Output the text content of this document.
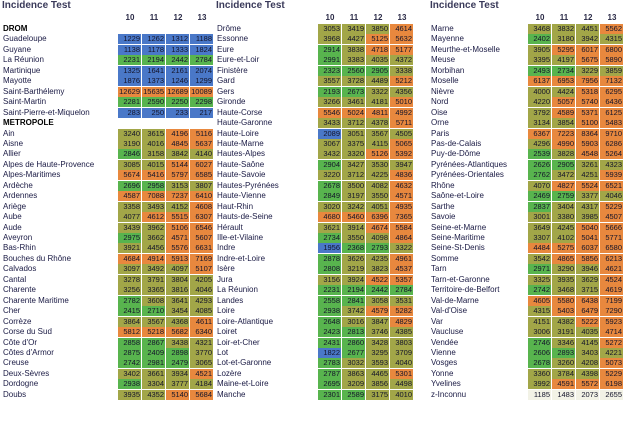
Incidence Test
10	11	12	13
DROM
Guadeloupe	1229 1262 1312	1188
Guyane	1138	1178 1333 1824
La Réunion	2231 2194 2442 2784
Martinique	1325 1641 2161 2074
Mayotte	1876 1373 1246 1299
Saint-Barthélemy	12629 15635 12689 10089
Saint-Martin	2281 2590 2250 2298
Saint-Pierre-et-Miquelon	283	250	233	217
METROPOLE
Ain	3240 3615 4196	5116
Aisne	3190 4016 4845 5637
Allier	2846 3158 3842 4140
Alpes de Haute-Provence	3085 4015 5144 6027
Alpes-Maritimes	5674 5416 5797 6585
Ardèche	2696 2958 3153 3807
Ardennes	4587 7088 7237 6410
Ariège	3358 3493 4152 4608
Aube	4077 4612 5515 6307
Aude	3439 3962 5106 6546
Aveyron	2975 3662 4571 5607
Bas-Rhin	3921 4456 5576 6631
Bouches du Rhône	4684 4914 5913 7169
Calvados	3097 3492 4097 5107
Cantal	3278 3791 3804 4205
Charente	3256 3365 3816 4046
Charente Maritime	2782 3608 3641 4293
Cher	2415 2710 3454 4085
Corrèze	3864 3567 4368	4611
Corse du Sud	5812 5218 5682 6340
Côte d'Or	2858 2867 3438 4321
Côtes d'Armor	2875 2409 2898 3770
Creuse	2742 2981 2479 3065
Deux-Sèvres	3402 3661 3934 4521
Dordogne	2938 3304 3777 4184
Doubs	3935 4352 5140 5684
Incidence Test
10	11	12	13
Drôme	3053 3419 3850 4614
Essonne	3968 4427 5125 5632
Eure	2914 3838 4718 5177
Eure-et-Loir	2991 3383 4035 4372
Finistère	2323 2560 2905 3338
Gard	3557 3728 4489 5212
Gers	2193 2673 3322 4356
Gironde	3266 3461 4181 5010
Haute-Corse	5546 5024	4811 4992
Haute-Garonne	3433 3712 4378	5711
Haute-Loire	2089 3051 3567 4505
Haute-Marne	3067 3375	4115 5065
Hautes-Alpes	3432 3320 5126 5392
Haute-Saône	2904 3427 3530 3947
Haute-Savoie	3220 3712 4225 4836
Hautes-Pyrénées	2678 3500 4082 4632
Haute-Vienne	2849 3197 3550 4571
Haut-Rhin	3020 3242 4051 4935
Hauts-de-Seine	4680 5460 6396 7365
Hérault	3621 3914 4674 5584
Ille-et-Vilaine	2734 3550 4098 4864
Indre	1956 2368 2793 3322
Indre-et-Loire	2878 3626 4235 4961
Isère	2808 3219 3823 4537
Jura	3156 3924 4522 5357
La Réunion	2231 2194 2442 2784
Landes	2558 2841 3058 3531
Loire	2938 3742 4579 5282
Loire-Atlantique	2648 3016 3847 4829
Loiret	2423 2813 3746 4385
Loir-et-Cher	2431 2860 3428 3803
Lot	1822 2677 3295 3709
Lot-et-Garonne	2783 3032 3593 4040
Lozère	2787 3863 4465 5301
Maine-et-Loire	2695 3209 3856 4498
Manche	2301 2589 3175 4010
Incidence Test
10	11	12	13
Marne	3468 3832 4451 5562
Mayenne	2402 3180 3942 4315
Meurthe-et-Moselle	3905 5295 6017 6800
Meuse	3395 4197 5675 5890
Morbihan	2493 2734 3229 3859
Moselle	6137 6953 7956 7132
Nièvre	4000 4424 5318 6295
Nord	4220 5057 5740 6436
Oise	3792 4589 5371 6125
Orne	3134 3854 5100 5483
Paris	6367 7223 8364 9710
Pas-de-Calais	4296 4990 5903 6286
Puy-de-Dôme	2539 3828 4548 5264
Pyrénées-Atlantiques	2626 2905 3261 4323
Pyrénées-Orientales	2762 3472 4251 5939
Rhône	4070 4827 5524 6521
Saône-et-Loire	2469 2759 3377 4046
Sarthe	2837 3404 4317 5229
Savoie	3001 3380 3985 4507
Seine-et-Marne	3649 4245 5040 5666
Seine-Maritime	3307 4102 5041 5771
Seine-St-Denis	4484 5275 6037 6580
Somme	3542 4865 5856 6213
Tarn	2971 3290 3946 4621
Tarn-et-Garonne	3325 3935 3629 4524
Territoire-de-Belfort	2742 3468 3715 4619
Val-de-Marne	4605 5580 6438 7199
Val-d'Oise	4315 5403 6479 7290
Var	4151 4382 5222 5923
Vaucluse	3006 3191 4035 4714
Vendée	2746 3346 4145 5272
Vienne	2606 2893 3403 4221
Vosges	2678 3260 4208 5073
Yonne	3360 3784 4398 5229
Yvelines	3992 4591 5572 6198
z-Inconnu	1185 1483 2073 2655
